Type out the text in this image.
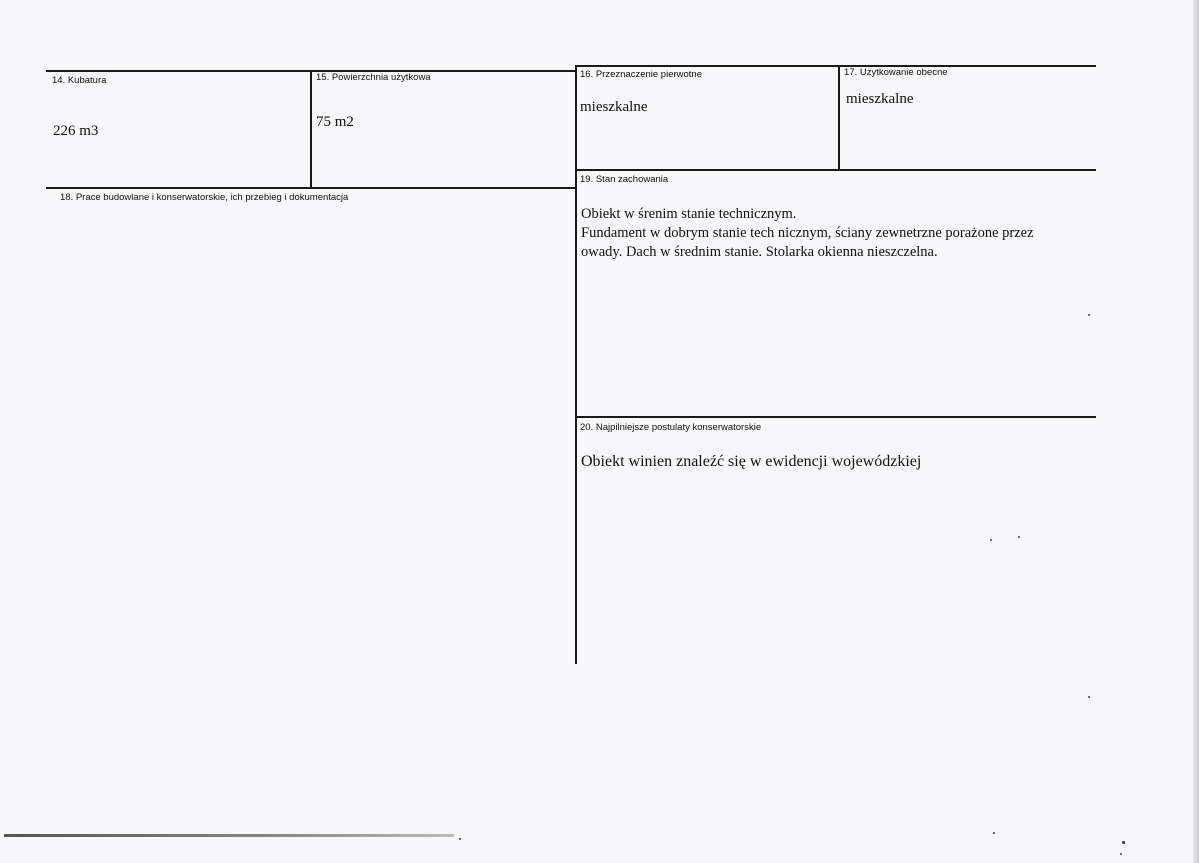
14. Kubatura
226 m3
15. Powierzchnia użytkowa
75 m2
16. Przeznaczenie pierwotne
mieszkalne
17. Użytkowanie obecne
mieszkalne
18. Prace budowlane i konserwatorskie, ich przebieg i dokumentacja
19. Stan zachowania
Obiekt w śrenim stanie technicznym.
Fundament w dobrym stanie tech nicznym, ściany zewnetrzne porażone przez
owady. Dach w średnim stanie. Stolarka okienna nieszczelna.
20. Najpilniejsze postulaty konserwatorskie
Obiekt winien znaleźć się w ewidencji wojewódzkiej
